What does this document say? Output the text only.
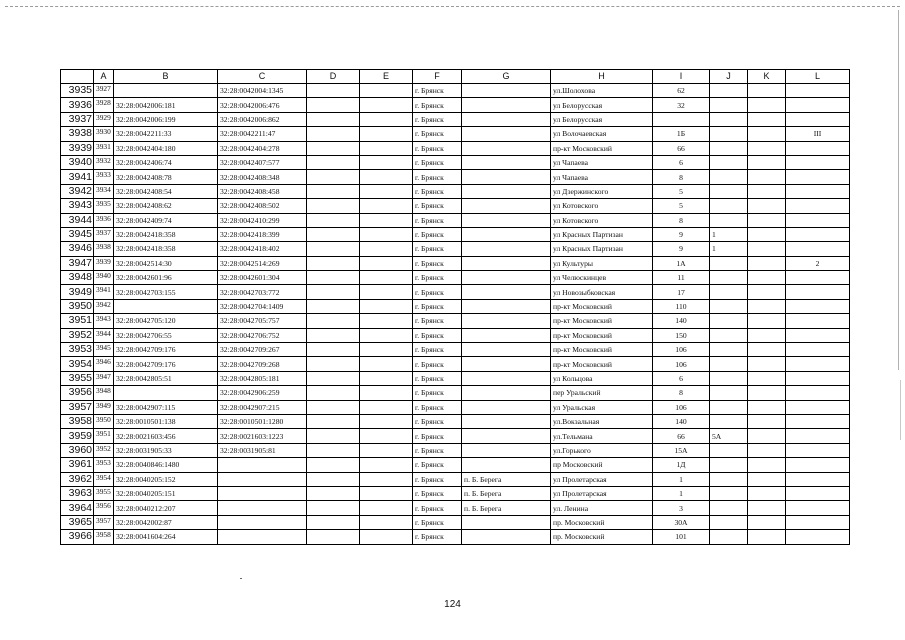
	A	B	C	D	E	F	G	H	I	J	K	L
3935	3927		32:28:0042004:1345			г. Брянск		ул.Шолохова	62			
3936	3928	32:28:0042006:181	32:28:0042006:476			г. Брянск		ул Белорусская	32			
3937	3929	32:28:0042006:199	32:28:0042006:862			г. Брянск		ул Белорусская				
3938	3930	32:28:0042211:33	32:28:0042211:47			г. Брянск		ул Волочаевская	1Б			III
3939	3931	32:28:0042404:180	32:28:0042404:278			г. Брянск		пр-кт Московский	66			
3940	3932	32:28:0042406:74	32:28:0042407:577			г. Брянск		ул Чапаева	6			
3941	3933	32:28:0042408:78	32:28:0042408:348			г. Брянск		ул Чапаева	8			
3942	3934	32:28:0042408:54	32:28:0042408:458			г. Брянск		ул Дзержинского	5			
3943	3935	32:28:0042408:62	32:28:0042408:502			г. Брянск		ул Котовского	5			
3944	3936	32:28:0042409:74	32:28:0042410:299			г. Брянск		ул Котовского	8			
3945	3937	32:28:0042418:358	32:28:0042418:399			г. Брянск		ул Красных Партизан	9	1		
3946	3938	32:28:0042418:358	32:28:0042418:402			г. Брянск		ул Красных Партизан	9	1		
3947	3939	32:28:0042514:30	32:28:0042514:269			г. Брянск		ул Культуры	1А			2
3948	3940	32:28:0042601:96	32:28:0042601:304			г. Брянск		ул Челюскинцев	11			
3949	3941	32:28:0042703:155	32:28:0042703:772			г. Брянск		ул Новозыбковская	17			
3950	3942		32:28:0042704:1409			г. Брянск		пр-кт Московский	110			
3951	3943	32:28:0042705:120	32:28:0042705:757			г. Брянск		пр-кт Московский	140			
3952	3944	32:28:0042706:55	32:28:0042706:752			г. Брянск		пр-кт Московский	150			
3953	3945	32:28:0042709:176	32:28:0042709:267			г. Брянск		пр-кт Московский	106			
3954	3946	32:28:0042709:176	32:28:0042709:268			г. Брянск		пр-кт Московский	106			
3955	3947	32:28:0042805:51	32:28:0042805:181			г. Брянск		ул Кольцова	6			
3956	3948		32:28:0042906:259			г. Брянск		пер Уральский	8			
3957	3949	32:28:0042907:115	32:28:0042907:215			г. Брянск		ул Уральская	106			
3958	3950	32:28:0010501:138	32:28:0010501:1280			г. Брянск		ул.Вокзальная	140			
3959	3951	32:28:0021603:456	32:28:0021603:1223			г. Брянск		ул.Тельмана	66	5А		
3960	3952	32:28:0031905:33	32:28:0031905:81			г. Брянск		ул.Горького	15А			
3961	3953	32:28:0040846:1480				г. Брянск		пр Московский	1Д			
3962	3954	32:28:0040205:152				г. Брянск	п. Б. Берега	ул Пролетарская	1			
3963	3955	32:28:0040205:151				г. Брянск	п. Б. Берега	ул Пролетарская	1			
3964	3956	32:28:0040212:207				г. Брянск	п. Б. Берега	ул. Ленина	3			
3965	3957	32:28:0042002:87				г. Брянск		пр. Московский	30А			
3966	3958	32:28:0041604:264				г. Брянск		пр. Московский	101			
124
